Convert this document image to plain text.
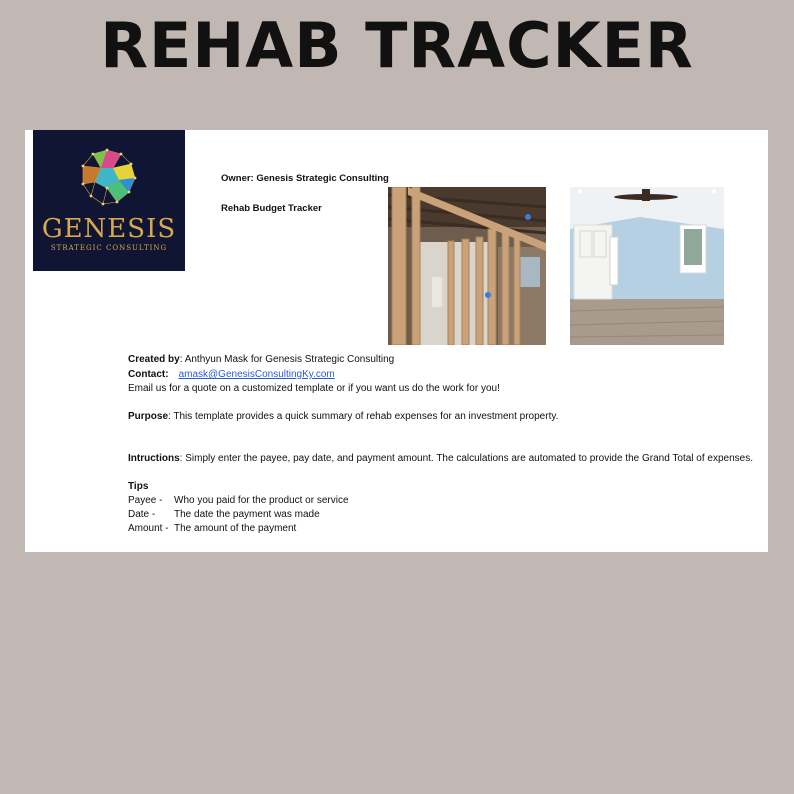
REHAB TRACKER
GENESIS
STRATEGIC CONSULTING
Owner: Genesis Strategic Consulting
Rehab Budget Tracker
Created by: Anthyun Mask for Genesis Strategic Consulting
Contact: amask@GenesisConsultingKy.com
Email us for a quote on a customized template or if you want us do the work for you!
Purpose: This template provides a quick summary of rehab expenses for an investment property.
Intructions: Simply enter the payee, pay date, and payment amount. The calculations are automated to provide the Grand Total of expenses.
Tips
Payee - Who you paid for the product or service
Date - The date the payment was made
Amount - The amount of the payment
